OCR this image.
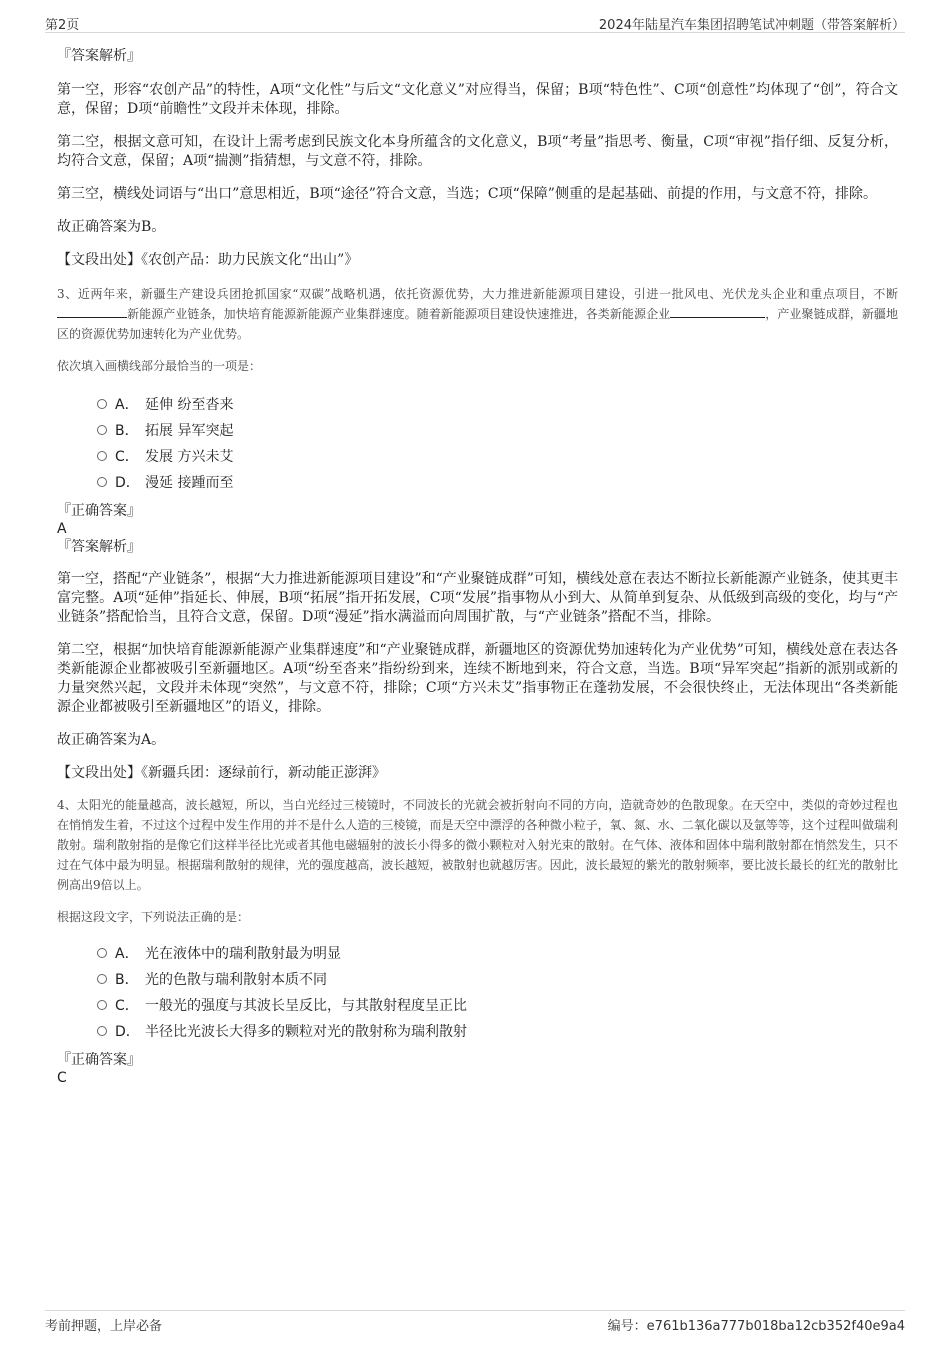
第2页	2024年陆星汽车集团招聘笔试冲刺题（带答案解析）

『答案解析』

第一空，形容“农创产品”的特性，A项“文化性”与后文“文化意义”对应得当，保留；B项“特色性”、C项“创意性”均体现了“创”，符合文意，保留；D项“前瞻性”文段并未体现，排除。

第二空，根据文意可知，在设计上需考虑到民族文化本身所蕴含的文化意义，B项“考量”指思考、衡量，C项“审视”指仔细、反复分析，均符合文意，保留；A项“揣测”指猜想，与文意不符，排除。

第三空，横线处词语与“出口”意思相近，B项“途径”符合文意，当选；C项“保障”侧重的是起基础、前提的作用，与文意不符，排除。

故正确答案为B。

【文段出处】《农创产品：助力民族文化“出山”》

3、近两年来，新疆生产建设兵团抢抓国家“双碳”战略机遇，依托资源优势，大力推进新能源项目建设，引进一批风电、光伏龙头企业和重点项目，不断新能源产业链条，加快培育能源新能源产业集群速度。随着新能源项目建设快速推进，各类新能源企业	，产业聚链成群，新疆地区的资源优势加速转化为产业优势。

依次填入画横线部分最恰当的一项是：

A． 延伸 纷至沓来
B． 拓展 异军突起
C． 发展 方兴未艾
D． 漫延 接踵而至

『正确答案』

A

『答案解析』

第一空，搭配“产业链条”，根据“大力推进新能源项目建设”和“产业聚链成群”可知，横线处意在表达不断拉长新能源产业链条，使其更丰富完整。A项“延伸”指延长、伸展，B项“拓展”指开拓发展，C项“发展”指事物从小到大、从简单到复杂、从低级到高级的变化，均与“产业链条”搭配恰当，且符合文意，保留。D项“漫延”指水满溢而向周围扩散，与“产业链条”搭配不当，排除。

第二空，根据“加快培育能源新能源产业集群速度”和“产业聚链成群，新疆地区的资源优势加速转化为产业优势”可知，横线处意在表达各类新能源企业都被吸引至新疆地区。A项“纷至沓来”指纷纷到来，连续不断地到来，符合文意，当选。B项“异军突起”指新的派别或新的力量突然兴起，文段并未体现“突然”，与文意不符，排除；C项“方兴未艾”指事物正在蓬勃发展，不会很快终止，无法体现出“各类新能源企业都被吸引至新疆地区”的语义，排除。

故正确答案为A。

【文段出处】《新疆兵团：逐绿前行，新动能正澎湃》

4、太阳光的能量越高，波长越短，所以，当白光经过三棱镜时，不同波长的光就会被折射向不同的方向，造就奇妙的色散现象。在天空中，类似的奇妙过程也在悄悄发生着，不过这个过程中发生作用的并不是什么人造的三棱镜，而是天空中漂浮的各种微小粒子，氧、氮、水、二氧化碳以及氩等等，这个过程叫做瑞利散射。瑞利散射指的是像它们这样半径比光或者其他电磁辐射的波长小得多的微小颗粒对入射光束的散射。在气体、液体和固体中瑞利散射都在悄然发生，只不过在气体中最为明显。根据瑞利散射的规律，光的强度越高，波长越短，被散射也就越厉害。因此，波长最短的紫光的散射频率，要比波长最长的红光的散射比例高出9倍以上。

根据这段文字，下列说法正确的是：

A． 光在液体中的瑞利散射最为明显
B． 光的色散与瑞利散射本质不同
C． 一般光的强度与其波长呈反比，与其散射程度呈正比
D． 半径比光波长大得多的颗粒对光的散射称为瑞利散射

『正确答案』

C

考前押题，上岸必备	编号：e761b136a777b018ba12cb352f40e9a4
